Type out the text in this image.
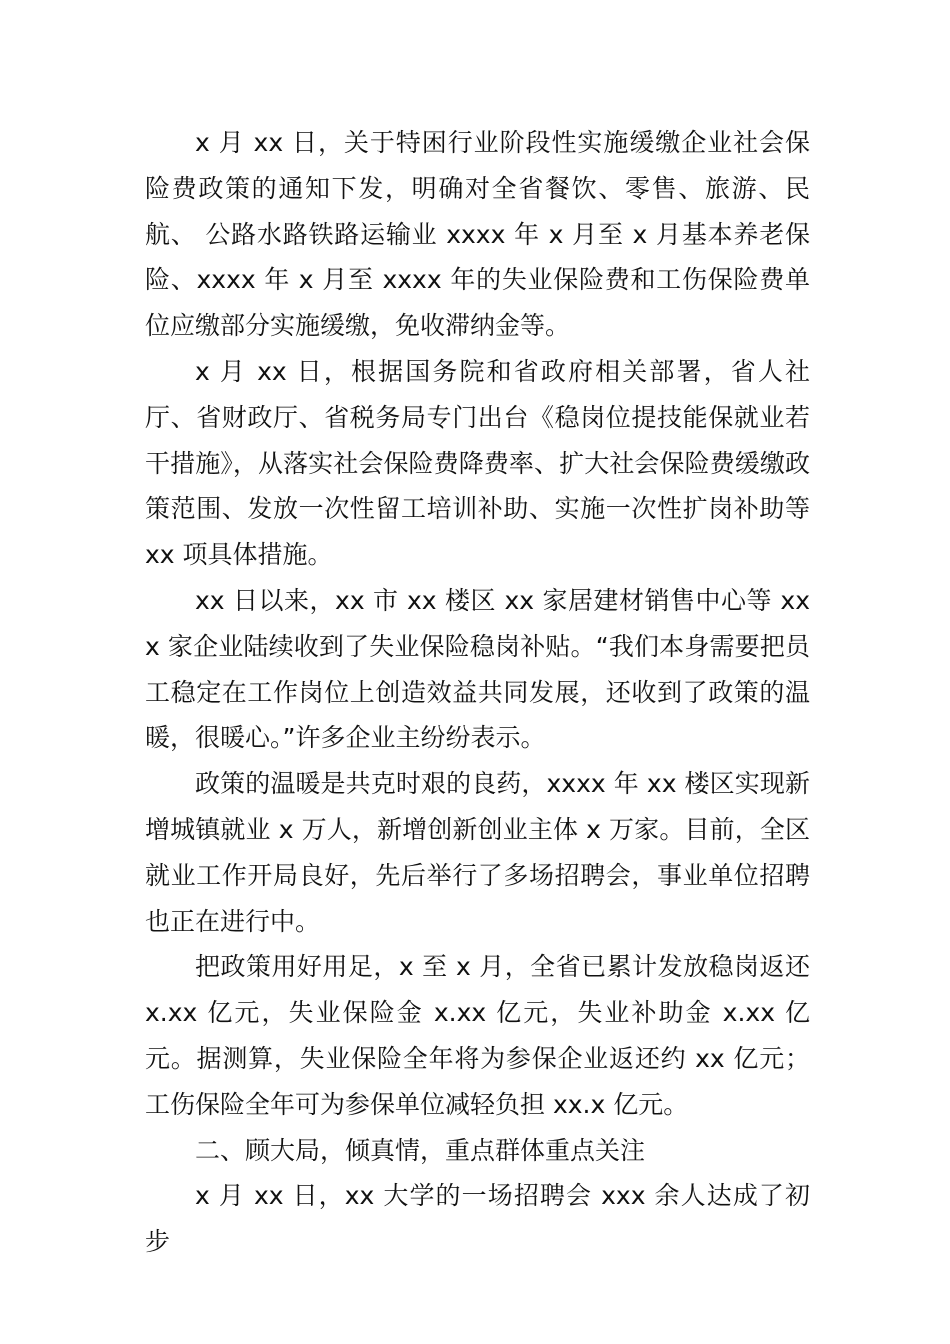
x 月 xx 日，关于特困行业阶段性实施缓缴企业社会保险费政策的通知下发，明确对全省餐饮、零售、旅游、民航、 公路水路铁路运输业 xxxx 年 x 月至 x 月基本养老保险、xxxx 年 x 月至 xxxx 年的失业保险费和工伤保险费单位应缴部分实施缓缴，免收滞纳金等。

x 月 xx 日，根据国务院和省政府相关部署，省人社厅、省财政厅、省税务局专门出台《稳岗位提技能保就业若干措施》，从落实社会保险费降费率、扩大社会保险费缓缴政策范围、发放一次性留工培训补助、实施一次性扩岗补助等 xx 项具体措施。

xx 日以来，xx 市 xx 楼区 xx 家居建材销售中心等 xxx 家企业陆续收到了失业保险稳岗补贴。“我们本身需要把员 工稳定在工作岗位上创造效益共同发展，还收到了政策的温暖，很暖心。”许多企业主纷纷表示。

政策的温暖是共克时艰的良药，xxxx 年 xx 楼区实现新增城镇就业 x 万人，新增创新创业主体 x 万家。目前，全区就业工作开局良好，先后举行了多场招聘会，事业单位招聘也正在进行中。

把政策用好用足，x 至 x 月，全省已累计发放稳岗返还 x.xx 亿元，失业保险金 x.xx 亿元，失业补助金 x.xx 亿元。据测算，失业保险全年将为参保企业返还约 xx 亿元；工伤保险全年可为参保单位减轻负担 xx.x 亿元。

二、顾大局，倾真情，重点群体重点关注

x 月 xx 日，xx 大学的一场招聘会 xxx 余人达成了初步
